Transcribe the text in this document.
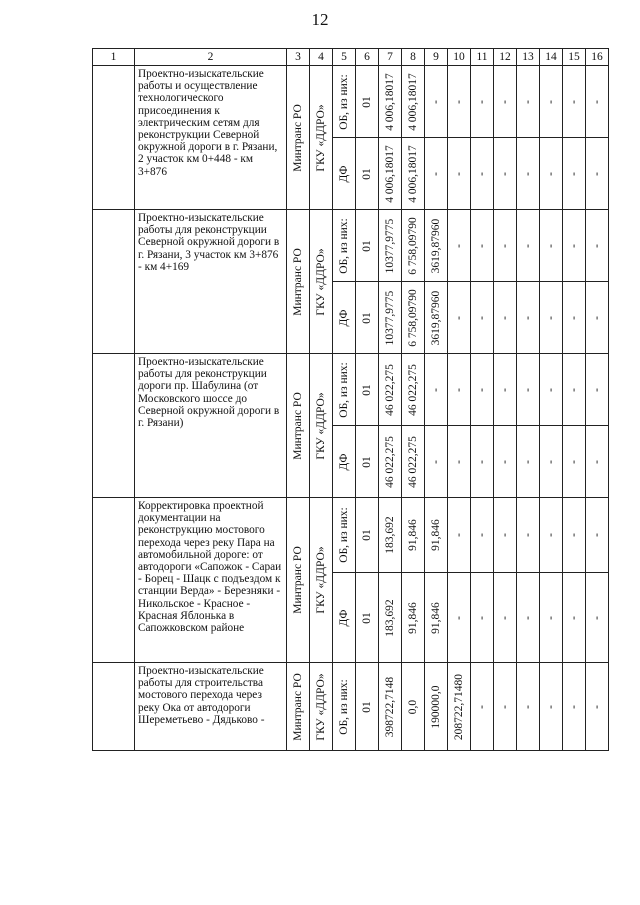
12
1	2	3	4	5	6	7	8	9	10	11	12	13	14	15	16
	Проектно-изыскательские работы и осуществление технологического присоединения к электрическим сетям для реконструкции Северной окружной дороги в г. Рязани, 2 участок км 0+448 - км 3+876	Минтранс РО	ГКУ «ДДРО»	ОБ, из них:	01	4 006,18017	4 006,18017	-	-	-	-	-	-	-	-

				ДФ	01	4 006,18017	4 006,18017	-	-	-	-	-	-	-	-

	Проектно-изыскательские работы для реконструкции Северной окружной дороги в г. Рязани, 3 участок км 3+876 - км 4+169	Минтранс РО	ГКУ «ДДРО»	ОБ, из них:	01	10377,9775	6 758,09790	3619,87960	-	-	-	-	-	-	-

				ДФ	01	10377,9775	6 758,09790	3619,87960	-	-	-	-	-	-	-

	Проектно-изыскательские работы для реконструкции дороги пр. Шабулина (от Московского шоссе до Северной окружной дороги в г. Рязани)	Минтранс РО	ГКУ «ДДРО»	ОБ, из них:	01	46 022,275	46 022,275	-	-	-	-	-	-	-	-

				ДФ	01	46 022,275	46 022,275	-	-	-	-	-	-	-	-

	Корректировка проектной документации на реконструкцию мостового перехода через реку Пара на автомобильной дороге: от автодороги «Сапожок - Сараи - Борец - Шацк с подъездом к станции Верда» - Березняки - Никольское - Красное - Красная Яблонька в Сапожковском районе	Минтранс РО	ГКУ «ДДРО»	ОБ, из них:	01	183,692	91,846	91,846	-	-	-	-	-	-	-

				ДФ	01	183,692	91,846	91,846	-	-	-	-	-	-	-

	Проектно-изыскательские работы для строительства мостового перехода через реку Ока от автодороги Шереметьево - Дядьково -	Минтранс РО	ГКУ «ДДРО»	ОБ, из них:	01	398722,7148	0,0	190000,0	208722,71480	-	-	-	-	-	-
